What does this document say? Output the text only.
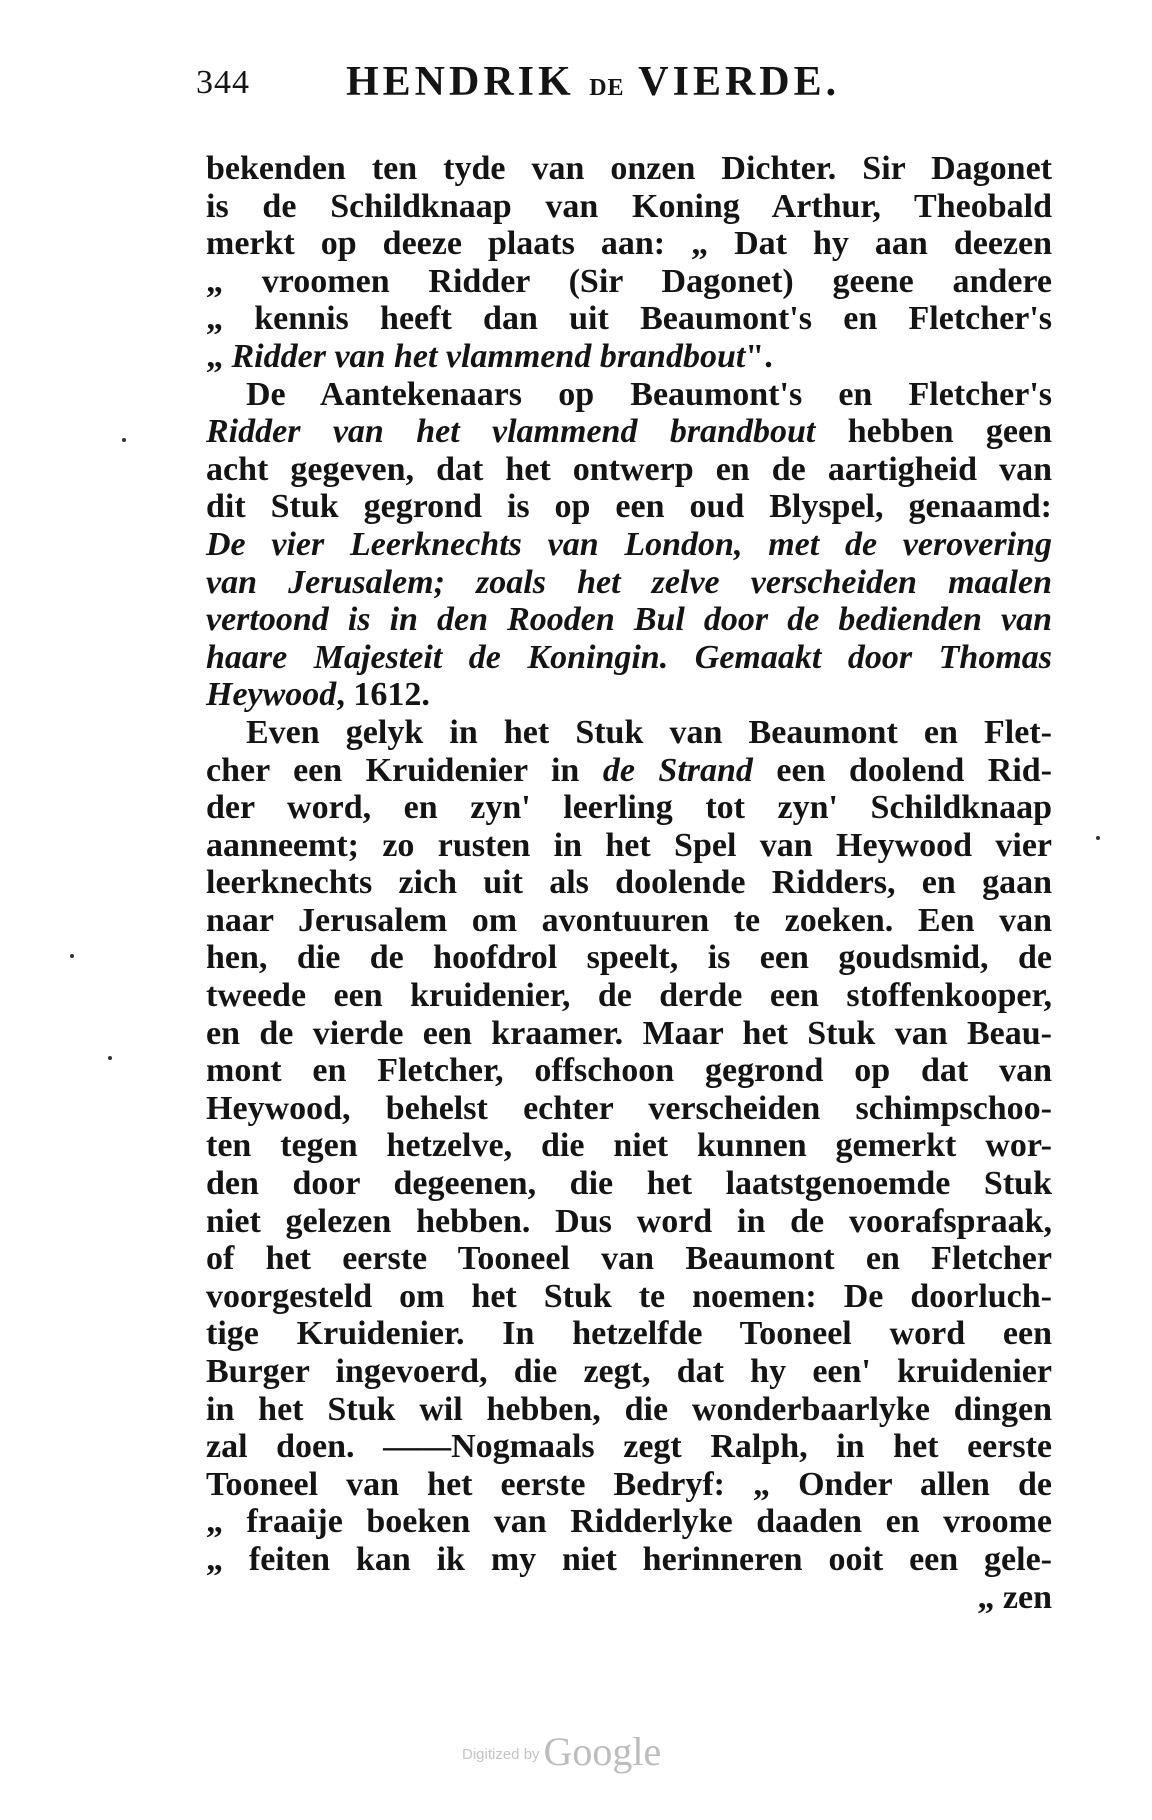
344 HENDRIK DE VIERDE.
bekenden ten tyde van onzen Dichter. Sir Dagonet
is de Schildknaap van Koning Arthur, Theobald
merkt op deeze plaats aan: „ Dat hy aan deezen
„ vroomen Ridder (Sir Dagonet) geene andere
„ kennis heeft dan uit Beaumont's en Fletcher's
„ Ridder van het vlammend brandbout".
De Aantekenaars op Beaumont's en Fletcher's
Ridder van het vlammend brandbout hebben geen
acht gegeven, dat het ontwerp en de aartigheid van
dit Stuk gegrond is op een oud Blyspel, genaamd:
De vier Leerknechts van London, met de verovering
van Jerusalem; zoals het zelve verscheiden maalen
vertoond is in den Rooden Bul door de bedienden van
haare Majesteit de Koningin. Gemaakt door Thomas
Heywood, 1612.
Even gelyk in het Stuk van Beaumont en Flet-
cher een Kruidenier in de Strand een doolend Rid-
der word, en zyn' leerling tot zyn' Schildknaap
aanneemt; zo rusten in het Spel van Heywood vier
leerknechts zich uit als doolende Ridders, en gaan
naar Jerusalem om avontuuren te zoeken. Een van
hen, die de hoofdrol speelt, is een goudsmid, de
tweede een kruidenier, de derde een stoffenkooper,
en de vierde een kraamer. Maar het Stuk van Beau-
mont en Fletcher, offschoon gegrond op dat van
Heywood, behelst echter verscheiden schimpschoo-
ten tegen hetzelve, die niet kunnen gemerkt wor-
den door degeenen, die het laatstgenoemde Stuk
niet gelezen hebben. Dus word in de voorafspraak,
of het eerste Tooneel van Beaumont en Fletcher
voorgesteld om het Stuk te noemen: De doorluch-
tige Kruidenier. In hetzelfde Tooneel word een
Burger ingevoerd, die zegt, dat hy een' kruidenier
in het Stuk wil hebben, die wonderbaarlyke dingen
zal doen. ——Nogmaals zegt Ralph, in het eerste
Tooneel van het eerste Bedryf: „ Onder allen de
„ fraaije boeken van Ridderlyke daaden en vroome
„ feiten kan ik my niet herinneren ooit een gele-
„ zen
Digitized by Google
